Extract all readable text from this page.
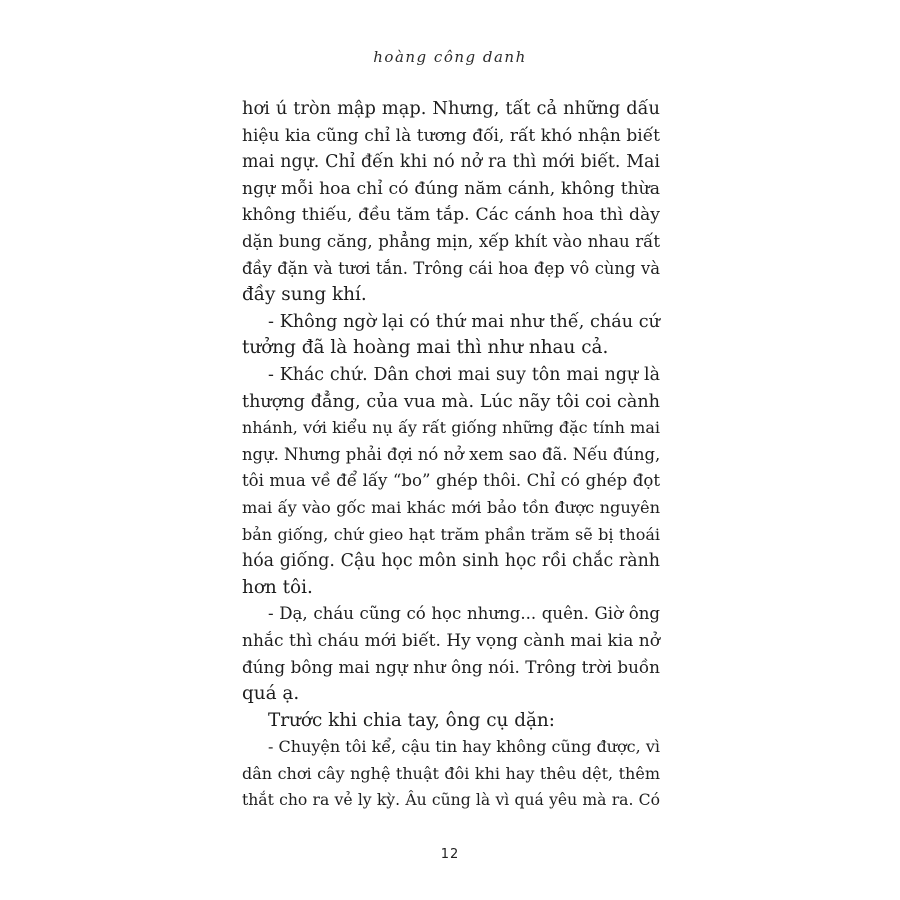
hoàng công danh

hơi ú tròn mập mạp. Nhưng, tất cả những dấu
hiệu kia cũng chỉ là tương đối, rất khó nhận biết
mai ngự. Chỉ đến khi nó nở ra thì mới biết. Mai
ngự mỗi hoa chỉ có đúng năm cánh, không thừa
không thiếu, đều tăm tắp. Các cánh hoa thì dày
dặn bung căng, phẳng mịn, xếp khít vào nhau rất
đầy đặn và tươi tắn. Trông cái hoa đẹp vô cùng và
đầy sung khí.

- Không ngờ lại có thứ mai như thế, cháu cứ
tưởng đã là hoàng mai thì như nhau cả.

- Khác chứ. Dân chơi mai suy tôn mai ngự là
thượng đẳng, của vua mà. Lúc nãy tôi coi cành
nhánh, với kiểu nụ ấy rất giống những đặc tính mai
ngự. Nhưng phải đợi nó nở xem sao đã. Nếu đúng,
tôi mua về để lấy “bo” ghép thôi. Chỉ có ghép đọt
mai ấy vào gốc mai khác mới bảo tồn được nguyên
bản giống, chứ gieo hạt trăm phần trăm sẽ bị thoái
hóa giống. Cậu học môn sinh học rồi chắc rành
hơn tôi.

- Dạ, cháu cũng có học nhưng... quên. Giờ ông
nhắc thì cháu mới biết. Hy vọng cành mai kia nở
đúng bông mai ngự như ông nói. Trông trời buồn
quá ạ.

Trước khi chia tay, ông cụ dặn:

- Chuyện tôi kể, cậu tin hay không cũng được, vì
dân chơi cây nghệ thuật đôi khi hay thêu dệt, thêm
thắt cho ra vẻ ly kỳ. Âu cũng là vì quá yêu mà ra. Có

12
